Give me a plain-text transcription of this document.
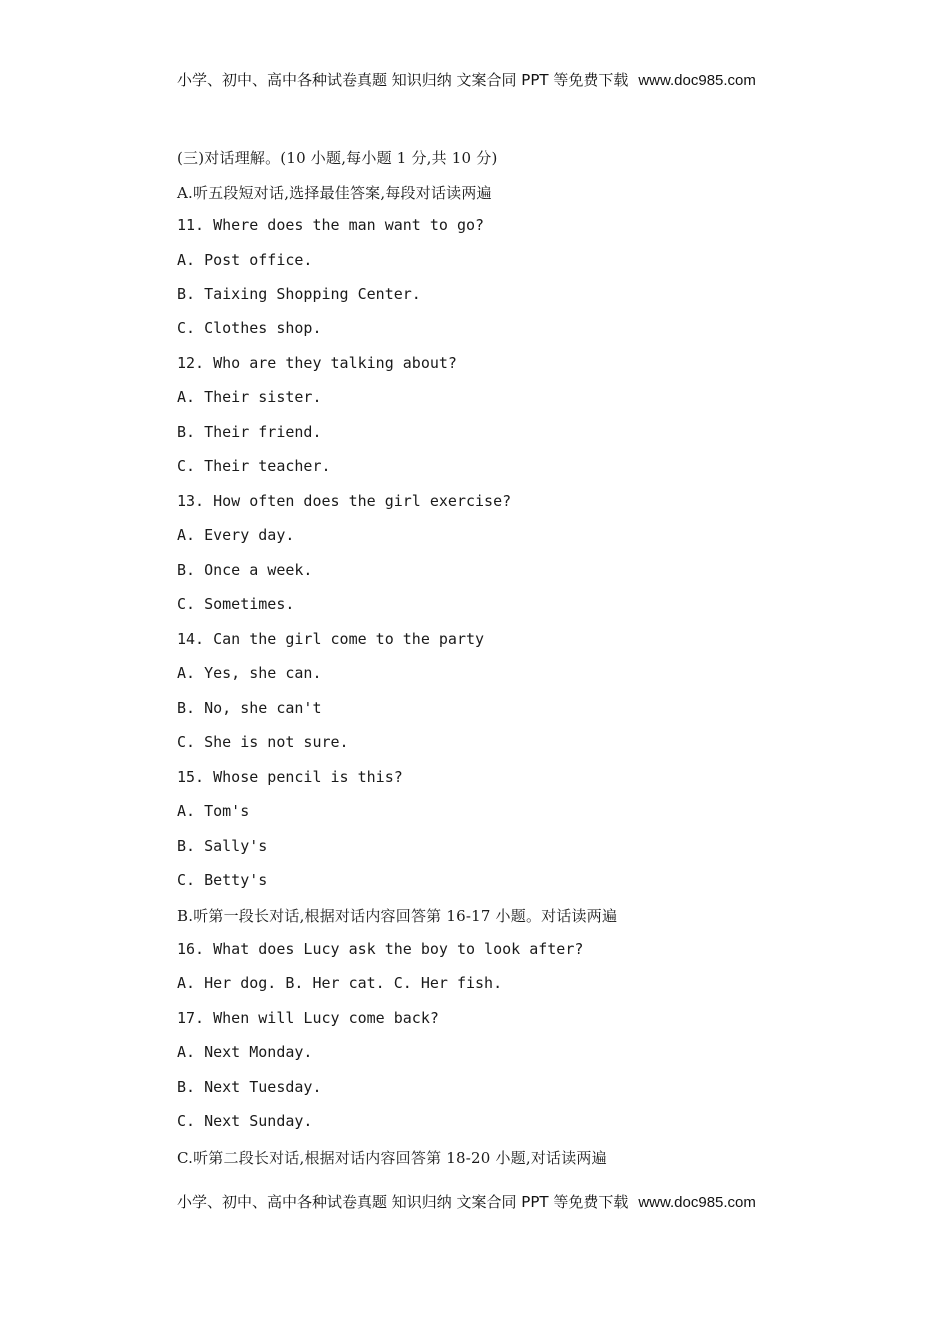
小学、初中、高中各种试卷真题 知识归纳 文案合同 PPT 等免费下载 www.doc985.com
(三)对话理解。(10 小题,每小题 1 分,共 10 分)
A.听五段短对话,选择最佳答案,每段对话读两遍
11. Where does the man want to go?
A. Post office.
B. Taixing Shopping Center.
C. Clothes shop.
12. Who are they talking about?
A. Their sister.
B. Their friend.
C. Their teacher.
13. How often does the girl exercise?
A. Every day.
B. Once a week.
C. Sometimes.
14. Can the girl come to the party
A. Yes, she can.
B. No, she can't
C. She is not sure.
15. Whose pencil is this?
A. Tom's
B. Sally's
C. Betty's
B.听第一段长对话,根据对话内容回答第 16-17 小题。对话读两遍
16. What does Lucy ask the boy to look after?
A. Her dog. B. Her cat. C. Her fish.
17. When will Lucy come back?
A. Next Monday.
B. Next Tuesday.
C. Next Sunday.
C.听第二段长对话,根据对话内容回答第 18-20 小题,对话读两遍
小学、初中、高中各种试卷真题 知识归纳 文案合同 PPT 等免费下载 www.doc985.com
